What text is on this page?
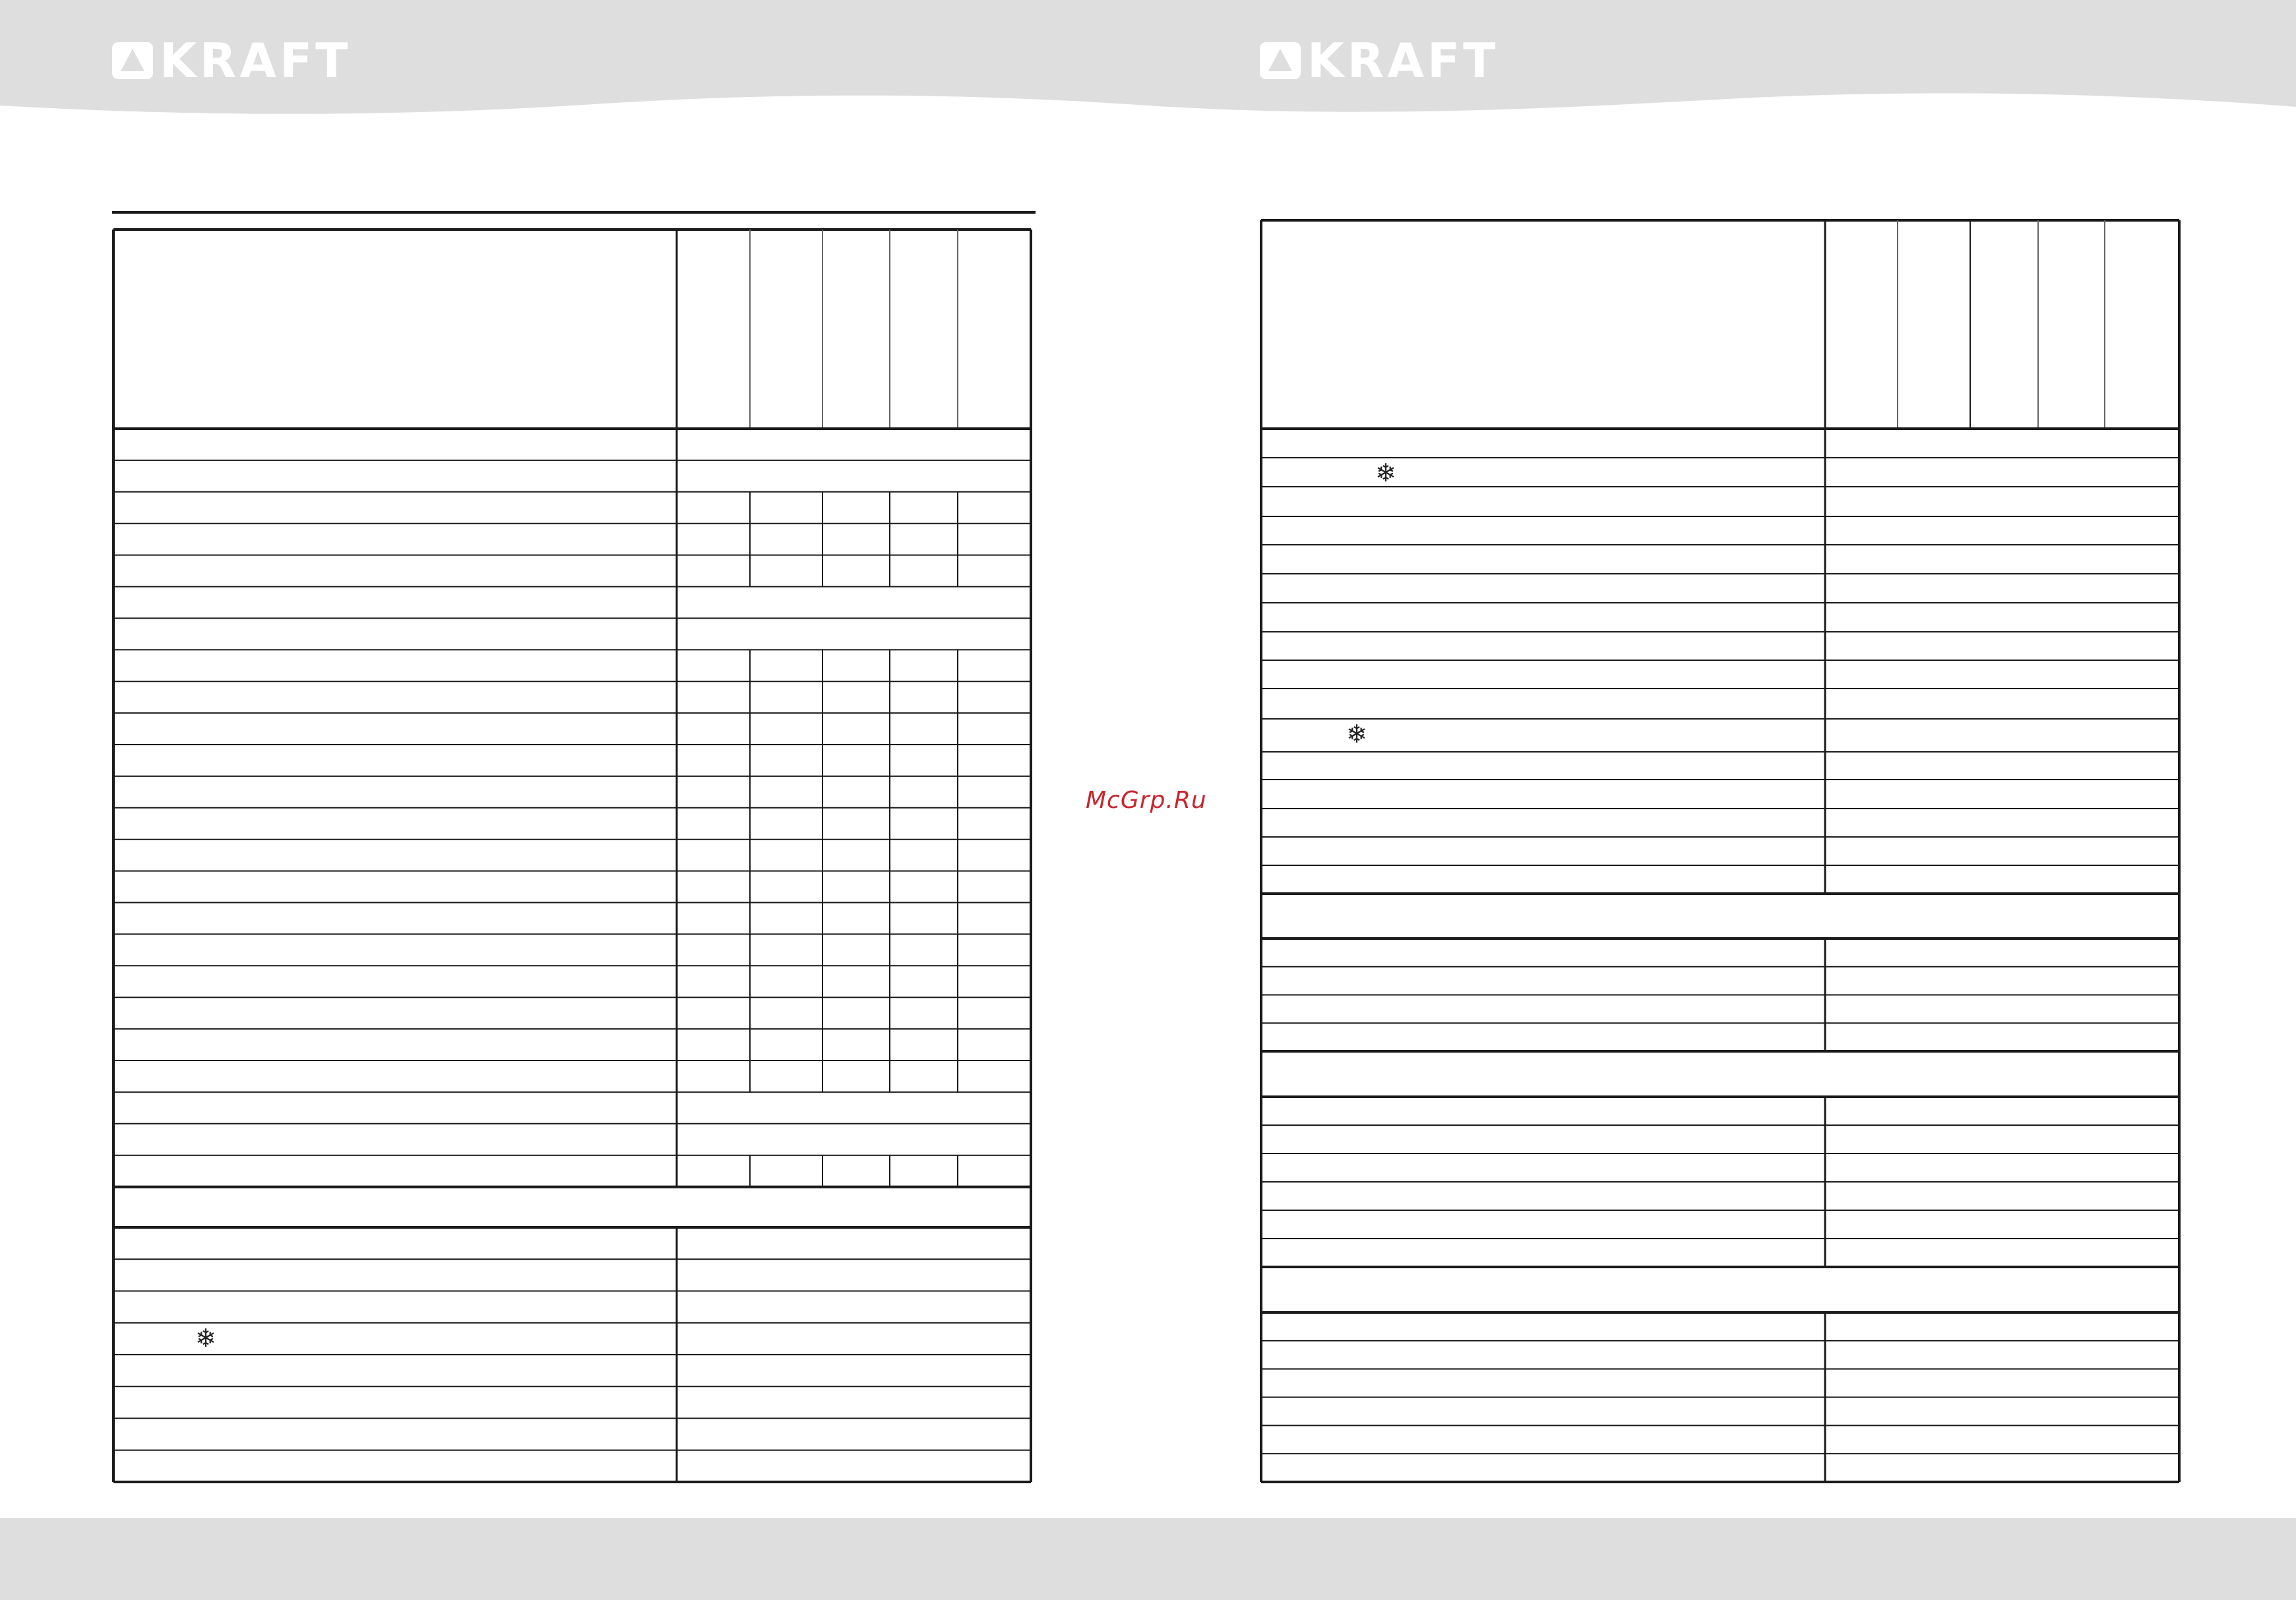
KRAFT	KRAFT
❄
❄
❄
McGrp.Ru
